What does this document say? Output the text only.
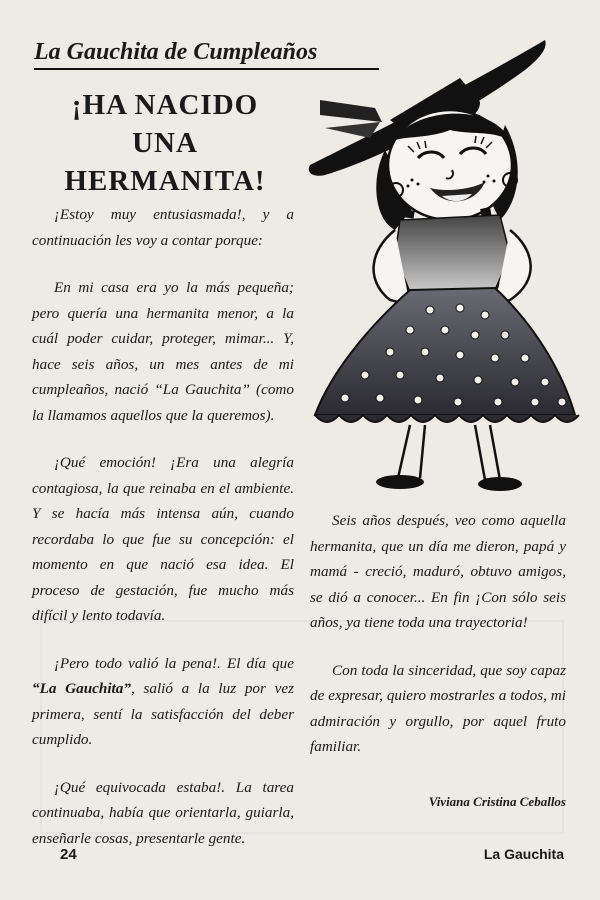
La Gauchita de Cumpleaños
¡HA NACIDO
UNA
HERMANITA!

¡Estoy muy entusiasmada!, y a continuación les voy a contar porque:

En mi casa era yo la más pequeña; pero quería una hermanita menor, a la cuál poder cuidar, proteger, mimar... Y, hace seis años, un mes antes de mi cumpleaños, nació “La Gauchita” (como la llamamos aquellos que la queremos).

¡Qué emoción! ¡Era una alegría contagiosa, la que reinaba en el ambiente. Y se hacía más intensa aún, cuando recordaba lo que fue su concepción: el momento en que nació esa idea. El proceso de gestación, fue mucho más difícil y lento todavía.

¡Pero todo valió la pena!. El día que “La Gauchita”, salió a la luz por vez primera, sentí la satisfacción del deber cumplido.

¡Qué equivocada estaba!. La tarea continuaba, había que orientarla, guiarla, enseñarle cosas, presentarle gente.

Seis años después, veo como aquella hermanita, que un día me dieron, papá y mamá - creció, maduró, obtuvo amigos, se dió a conocer... En fin ¡Con sólo seis años, ya tiene toda una trayectoria!

Con toda la sinceridad, que soy capaz de expresar, quiero mostrarles a todos, mi admiración y orgullo, por aquel fruto familiar.

Viviana Cristina Ceballos
24	La Gauchita
